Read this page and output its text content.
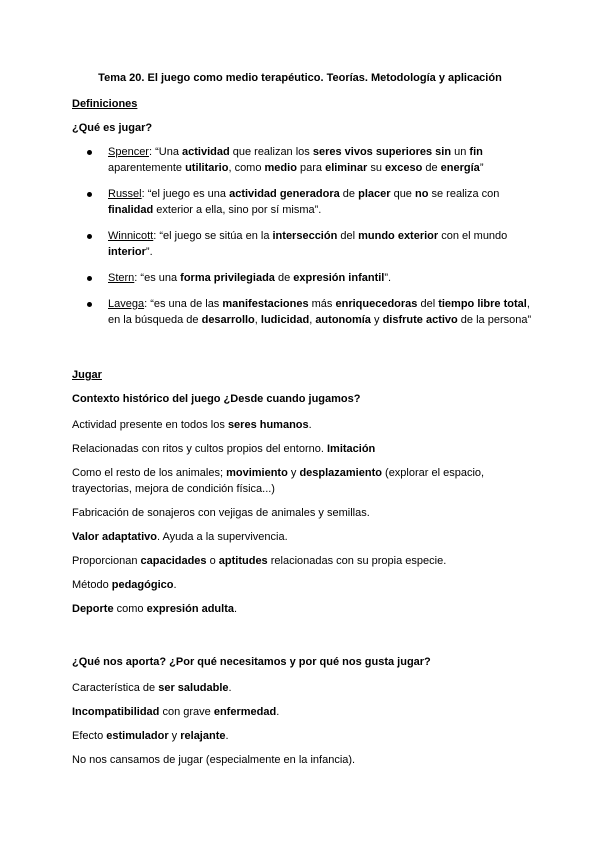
Tema 20. El juego como medio terapéutico. Teorías. Metodología y aplicación
Definiciones
¿Qué es jugar?
Spencer: “Una actividad que realizan los seres vivos superiores sin un fin aparentemente utilitario, como medio para eliminar su exceso de energía”
Russel: “el juego es una actividad generadora de placer que no se realiza con finalidad exterior a ella, sino por sí misma”.
Winnicott: “el juego se sitúa en la intersección del mundo exterior con el mundo interior”.
Stern: “es una forma privilegiada de expresión infantil”.
Lavega: “es una de las manifestaciones más enriquecedoras del tiempo libre total, en la búsqueda de desarrollo, ludicidad, autonomía y disfrute activo de la persona”
Jugar
Contexto histórico del juego ¿Desde cuando jugamos?
Actividad presente en todos los seres humanos.
Relacionadas con ritos y cultos propios del entorno. Imitación
Como el resto de los animales; movimiento y desplazamiento (explorar el espacio, trayectorias, mejora de condición física...)
Fabricación de sonajeros con vejigas de animales y semillas.
Valor adaptativo. Ayuda a la supervivencia.
Proporcionan capacidades o aptitudes relacionadas con su propia especie.
Método pedagógico.
Deporte como expresión adulta.
¿Qué nos aporta? ¿Por qué necesitamos y por qué nos gusta jugar?
Característica de ser saludable.
Incompatibilidad con grave enfermedad.
Efecto estimulador y relajante.
No nos cansamos de jugar (especialmente en la infancia).
